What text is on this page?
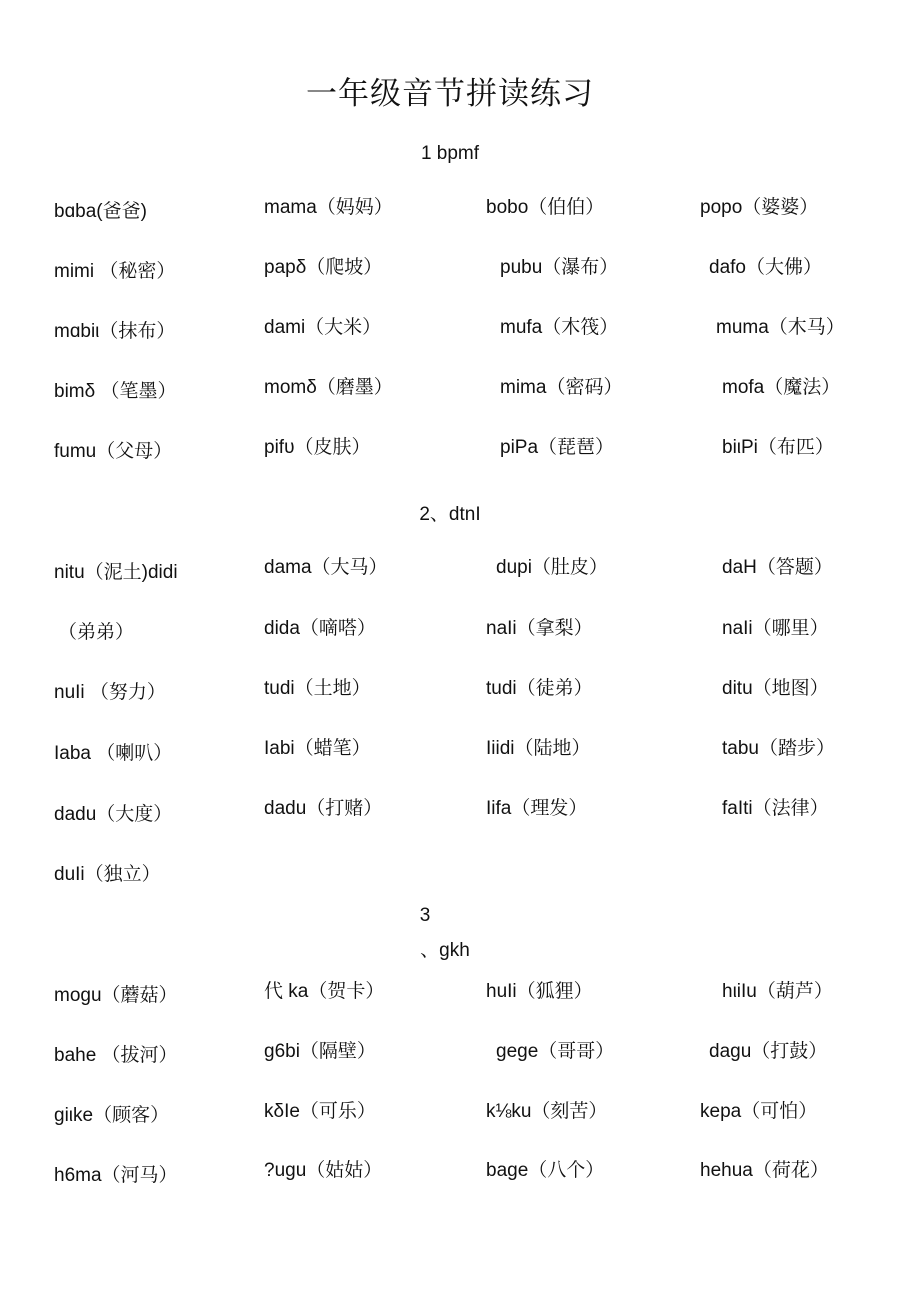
一年级音节拼读练习
1 bpmf
bɑba(爸爸)	mama（妈妈）	bobo（伯伯）	popo（婆婆）
mimi （秘密）	papδ（爬坡）	pubu（瀑布）	dafo（大佛）
mɑbiι（抹布）	dami（大米）	mufa（木筏）	muma（木马）
bimδ （笔墨）	momδ（磨墨）	mima（密码）	mofa（魔法）
fumu（父母）	pifυ（皮肤）	piPa（琵琶）	biιPi（布匹）
2、dtnI
nitu（泥土)didi	dama（大马）	dupi（肚皮）	daH（答题）
（弟弟）	dida（嘀嗒）	naIi（拿梨）	naIi（哪里）
nuIi （努力）	tudi（土地）	tudi（徒弟）	ditu（地图）
Iaba （喇叭）	Iabi（蜡笔）	Iiidi（陆地）	tabu（踏步）
dadu（大度）	dadu（打赌）	Iifa（理发）	faIti（法律）
duIi（独立）
3
、gkh
mogu（蘑菇）	代 ka（贺卡）	huIi（狐狸）	hιiIu（葫芦）
bahe （拔河）	g6bi（隔壁）	gege（哥哥）	dagu（打鼓）
giιke（顾客）	kδIe（可乐）	k⅛ku（刻苦）	kepa（可怕）
h6ma（河马）	?ugu（姑姑）	bage（八个）	hehua（荷花）
